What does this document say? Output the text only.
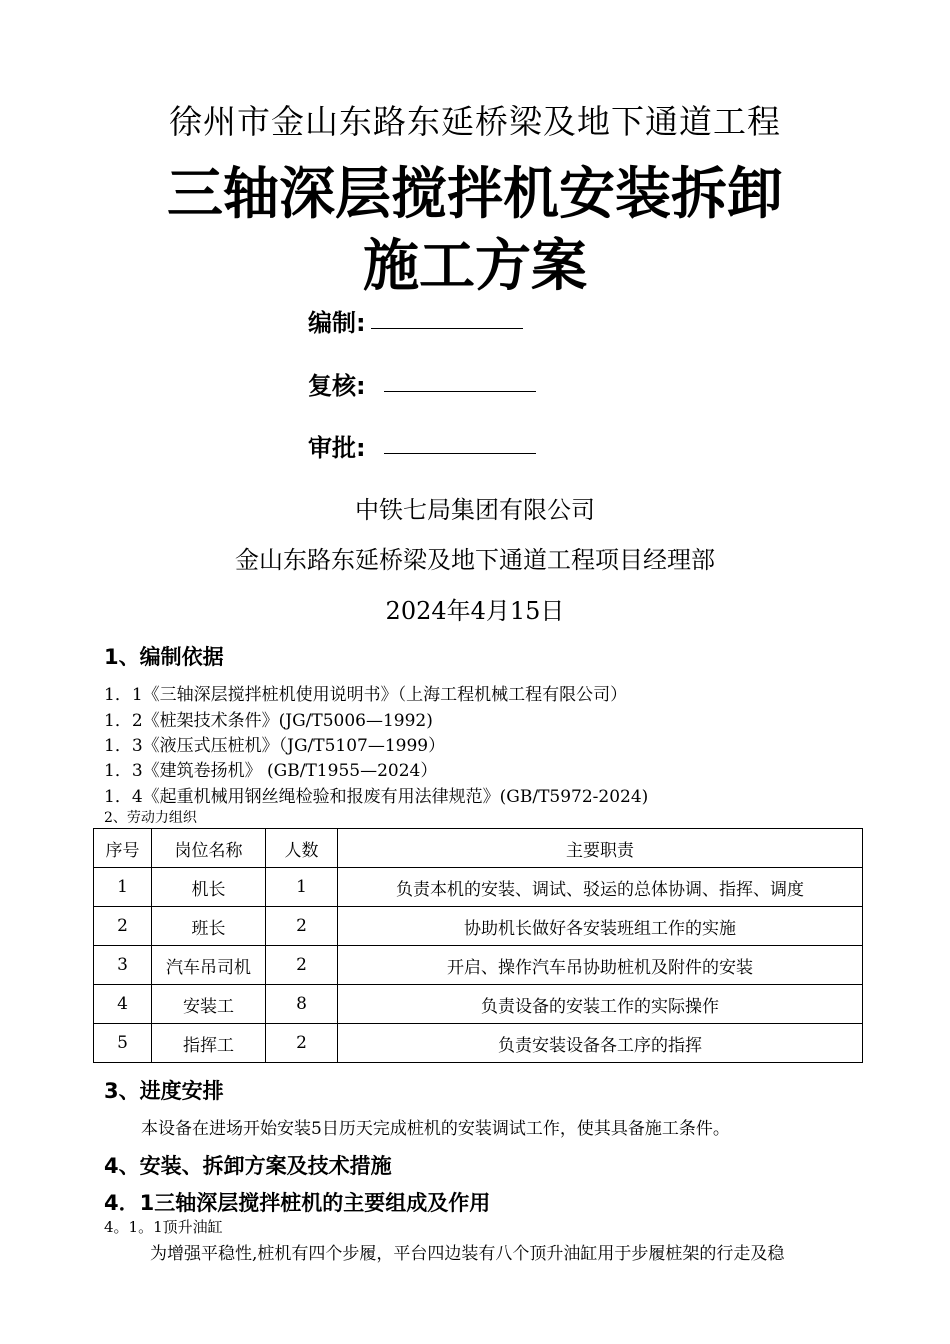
徐州市金山东路东延桥梁及地下通道工程
三轴深层搅拌机安装拆卸
施工方案
编制:
复核:
审批:
中铁七局集团有限公司
金山东路东延桥梁及地下通道工程项目经理部
2024年4月15日
1、编制依据
1．1《三轴深层搅拌桩机使用说明书》（上海工程机械工程有限公司）
1．2《桩架技术条件》(JG/T5006—1992)
1．3《液压式压桩机》（JG/T5107—1999）
1．3《建筑卷扬机》 (GB/T1955—2024）
1．4《起重机械用钢丝绳检验和报废有用法律规范》(GB/T5972-2024)
2、劳动力组织
序号	岗位名称	人数	主要职责
1	机长	1	负责本机的安装、调试、驳运的总体协调、指挥、调度
2	班长	2	协助机长做好各安装班组工作的实施
3	汽车吊司机	2	开启、操作汽车吊协助桩机及附件的安装
4	安装工	8	负责设备的安装工作的实际操作
5	指挥工	2	负责安装设备各工序的指挥
3、进度安排
本设备在进场开始安装5日历天完成桩机的安装调试工作，使其具备施工条件。
4、安装、拆卸方案及技术措施
4．1三轴深层搅拌桩机的主要组成及作用
4。1。1顶升油缸
为增强平稳性,桩机有四个步履，平台四边装有八个顶升油缸用于步履桩架的行走及稳
